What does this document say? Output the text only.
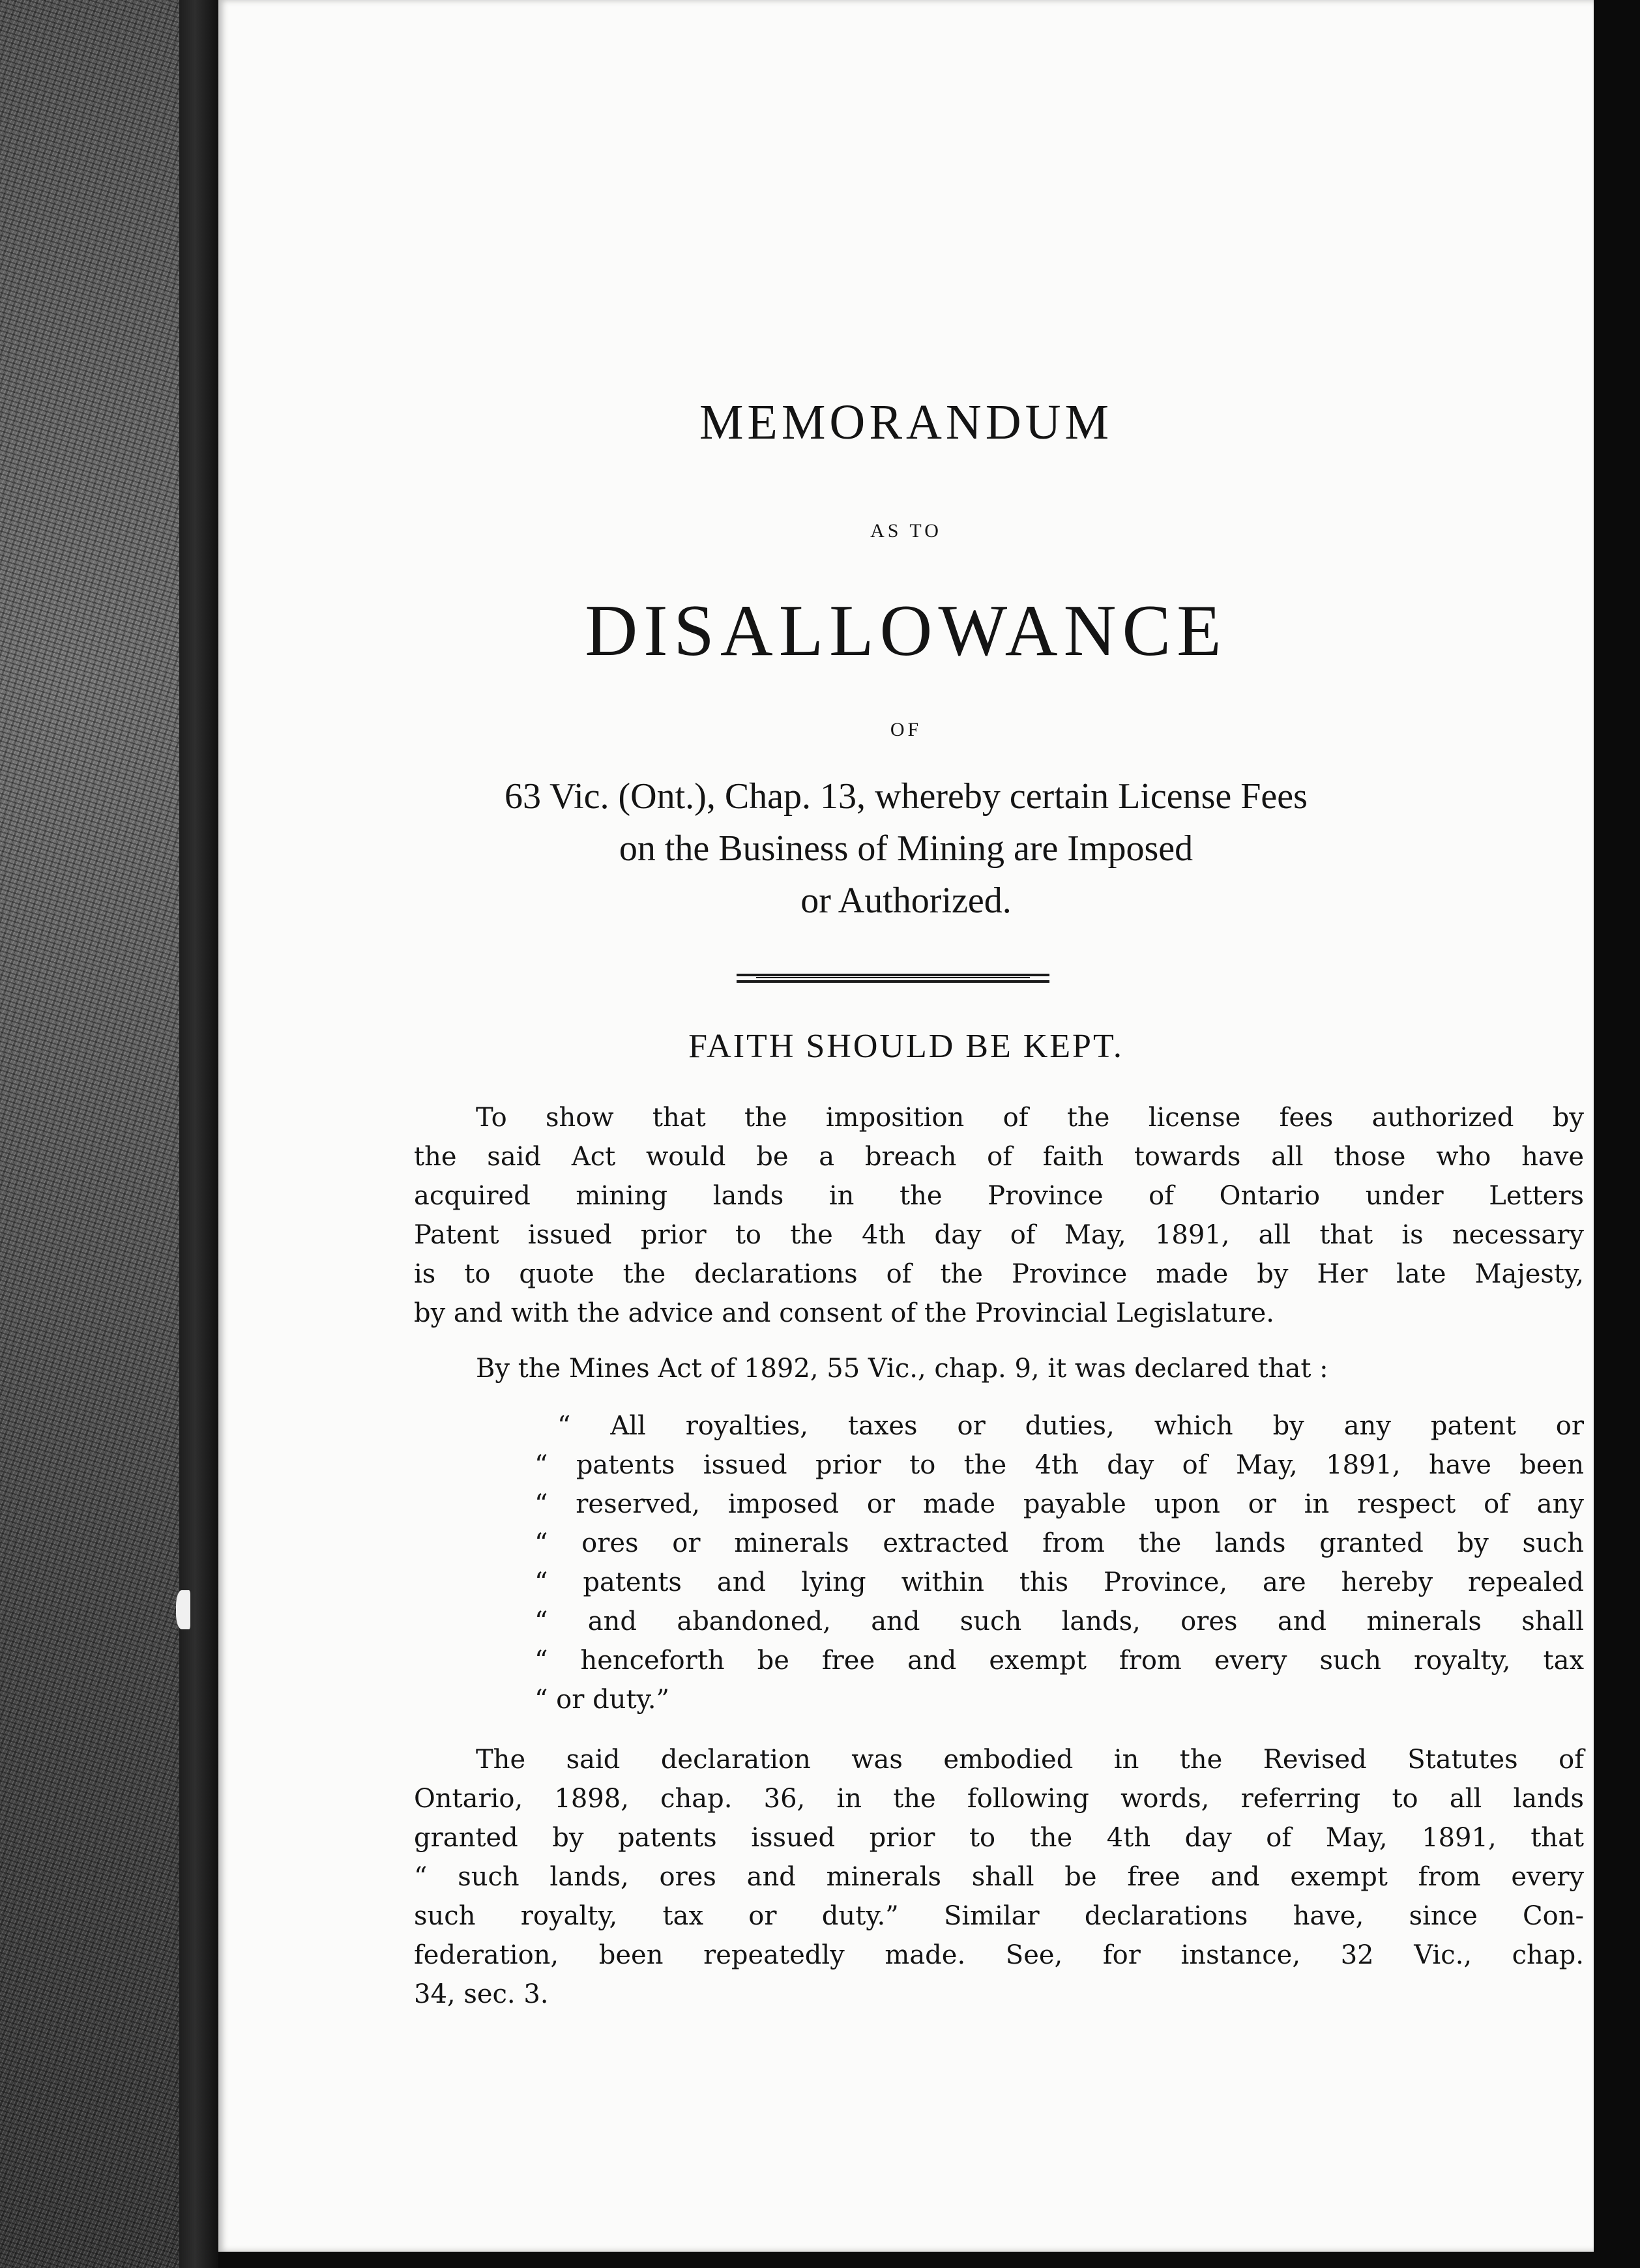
MEMORANDUM
AS TO
DISALLOWANCE
OF
63 Vic. (Ont.), Chap. 13, whereby certain License Fees
on the Business of Mining are Imposed
or Authorized.
FAITH SHOULD BE KEPT.
To show that the imposition of the license fees authorized by
the said Act would be a breach of faith towards all those who have
acquired mining lands in the Province of Ontario under Letters
Patent issued prior to the 4th day of May, 1891, all that is necessary
is to quote the declarations of the Province made by Her late Majesty,
by and with the advice and consent of the Provincial Legislature.
By the Mines Act of 1892, 55 Vic., chap. 9, it was declared that :
“ All royalties, taxes or duties, which by any patent or
“ patents issued prior to the 4th day of May, 1891, have been
“ reserved, imposed or made payable upon or in respect of any
“ ores or minerals extracted from the lands granted by such
“ patents and lying within this Province, are hereby repealed
“ and abandoned, and such lands, ores and minerals shall
“ henceforth be free and exempt from every such royalty, tax
“ or duty.”
The said declaration was embodied in the Revised Statutes of
Ontario, 1898, chap. 36, in the following words, referring to all lands
granted by patents issued prior to the 4th day of May, 1891, that
“ such lands, ores and minerals shall be free and exempt from every
such royalty, tax or duty.” Similar declarations have, since Con-
federation, been repeatedly made. See, for instance, 32 Vic., chap.
34, sec. 3.
